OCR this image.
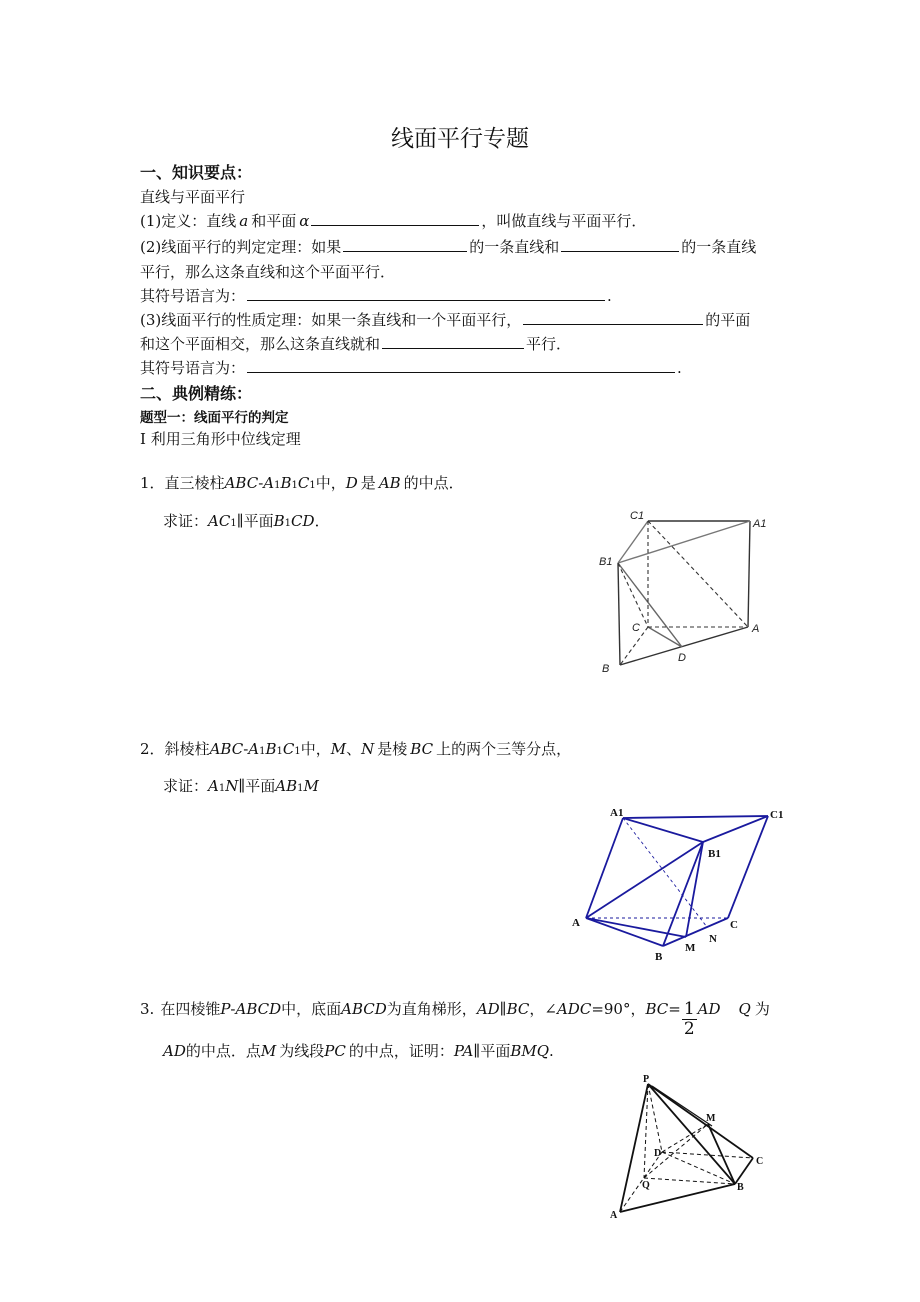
线面平行专题
一、知识要点：
直线与平面平行
(1)定义：直线 a 和平面 α	，叫做直线与平面平行．
(2)线面平行的判定定理：如果	的一条直线和	的一条直线
平行，那么这条直线和这个平面平行．
其符号语言为：	.
(3)线面平行的性质定理：如果一条直线和一个平面平行，	的平面
和这个平面相交，那么这条直线就和	平行．
其符号语言为：	.
二、典例精练：
题型一：线面平行的判定
Ⅰ 利用三角形中位线定理
1． 直三棱柱 ABC - A 1 B 1 C 1 中， D 是 AB 的中点．
求证： AC 1 ∥平面 B 1 CD ．	C1
A1
B1
C	A
B
D
2． 斜棱柱 ABC - A 1 B 1 C 1 中， M 、 N 是棱 BC 上的两个三等分点，
求证： A 1 N ∥平面 AB 1 M
A1	C1
B1
A	C
B
M
N
3. 在四棱锥 P - ABCD 中，底面 ABCD 为直角梯形， AD ∥ BC ，∠ ADC =90°， BC = $\frac{1}{2}$ AD Q 为
AD 的中点．点 M 为线段 PC 的中点，证明： PA ∥平面 BMQ .
P
M
D
C
Q	B
A
